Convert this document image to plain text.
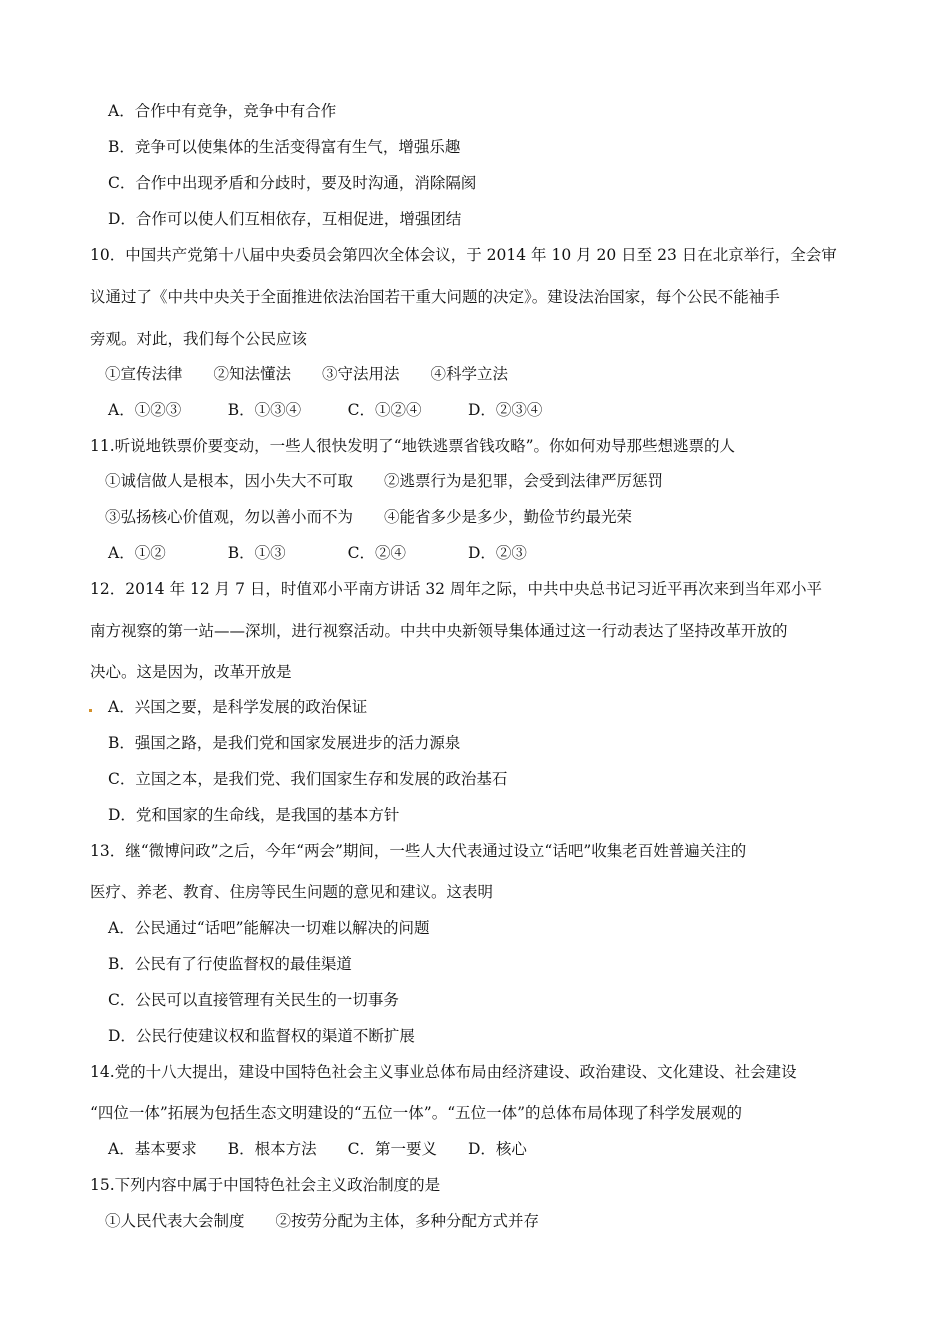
A．合作中有竞争，竞争中有合作
B．竞争可以使集体的生活变得富有生气，增强乐趣
C．合作中出现矛盾和分歧时，要及时沟通，消除隔阂
D．合作可以使人们互相依存，互相促进，增强团结
10．中国共产党第十八届中央委员会第四次全体会议，于 2014 年 10 月 20 日至 23 日在北京举行，全会审
议通过了《中共中央关于全面推进依法治国若干重大问题的决定》。建设法治国家，每个公民不能袖手
旁观。对此，我们每个公民应该
①宣传法律　　②知法懂法　　③守法用法　　④科学立法
A．①②③　　　B．①③④　　　C．①②④　　　D．②③④
11.听说地铁票价要变动，一些人很快发明了“地铁逃票省钱攻略”。你如何劝导那些想逃票的人
①诚信做人是根本，因小失大不可取　　②逃票行为是犯罪，会受到法律严厉惩罚
③弘扬核心价值观，勿以善小而不为　　④能省多少是多少，勤俭节约最光荣
A．①②　　　　B．①③　　　　C．②④　　　　D．②③
12．2014 年 12 月 7 日，时值邓小平南方讲话 32 周年之际，中共中央总书记习近平再次来到当年邓小平
南方视察的第一站——深圳，进行视察活动。中共中央新领导集体通过这一行动表达了坚持改革开放的
决心。这是因为，改革开放是
A．兴国之要，是科学发展的政治保证
B．强国之路，是我们党和国家发展进步的活力源泉
C．立国之本，是我们党、我们国家生存和发展的政治基石
D．党和国家的生命线，是我国的基本方针
13．继“微博问政”之后，今年“两会”期间，一些人大代表通过设立“话吧”收集老百姓普遍关注的
医疗、养老、教育、住房等民生问题的意见和建议。这表明
A．公民通过“话吧”能解决一切难以解决的问题
B．公民有了行使监督权的最佳渠道
C．公民可以直接管理有关民生的一切事务
D．公民行使建议权和监督权的渠道不断扩展
14.党的十八大提出，建设中国特色社会主义事业总体布局由经济建设、政治建设、文化建设、社会建设
“四位一体”拓展为包括生态文明建设的“五位一体”。“五位一体”的总体布局体现了科学发展观的
A．基本要求　　B．根本方法　　C．第一要义　　D．核心
15.下列内容中属于中国特色社会主义政治制度的是
①人民代表大会制度　　②按劳分配为主体，多种分配方式并存
